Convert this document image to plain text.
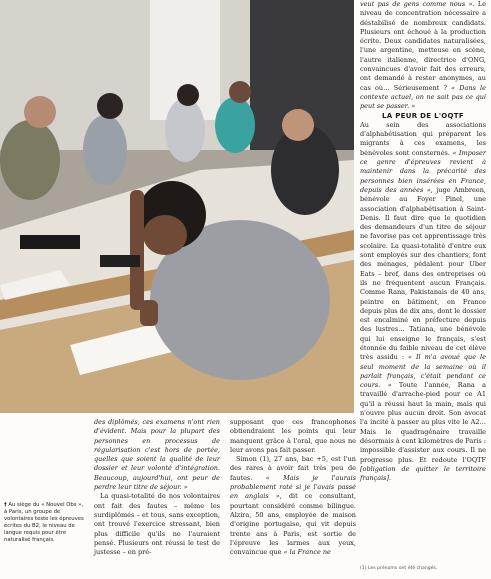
† Au siège du « Nouvel Obs », à Paris, un groupe de volontaires teste les épreuves écrites du B2, le niveau de langue requis pour être naturalisé français.

des diplômés, ces examens n'ont rien d'évident. Mais pour la plupart des personnes en processus de régularisation c'est hors de portée, quelles que soient la qualité de leur dossier et leur volonté d'intégration. Beaucoup, aujourd'hui, ont peur de perdre leur titre de séjour. »

La quasi-totalité de nos volontaires ont fait des fautes – même les surdiplômés – et tous, sans exception, ont trouvé l'exercice stressant, bien plus difficile qu'ils ne l'auraient pensé. Plusieurs ont réussi le test de justesse – en pré-

supposant que ces francophones obtiendraient les points qui leur manquent grâce à l'oral, que nous ne leur avons pas fait passer.

Simon (1), 27 ans, bac +5, est l'un des rares à avoir fait très peu de fautes. « Mais je l'aurais probablement raté si je l'avais passé en anglais », dit ce consultant, pourtant considéré comme bilingue. Alzira, 50 ans, employée de maison d'origine portugaise, qui vit depuis trente ans à Paris, est sortie de l'épreuve les larmes aux yeux, convaincue que « la France ne

veut pas de gens comme nous ». Le niveau de concentration nécessaire a déstabilisé de nombreux candidats. Plusieurs ont échoué à la production écrite. Deux candidates naturalisées, l'une argentine, metteuse en scène, l'autre italienne, directrice d'ONG, convaincues d'avoir fait des erreurs, ont demandé à rester anonymes, au cas où… Sérieusement ? « Dans le contexte actuel, on ne sait pas ce qui peut se passer. »

LA PEUR DE L'OQTF

Au sein des associations d'alphabétisation qui préparent les migrants à ces examens, les bénévoles sont consternés. « Imposer ce genre d'épreuves revient à maintenir dans la précarité des personnes bien insérées en France, depuis des années », juge Ambreen, bénévole au Foyer Pinel, une association d'alphabétisation à Saint-Denis. Il faut dire que le quotidien des demandeurs d'un titre de séjour ne favorise pas cet apprentissage très scolaire. La quasi-totalité d'entre eux sont employés sur des chantiers, font des ménages, pédalent pour Uber Eats – bref, dans des entreprises où ils ne fréquentent aucun Français. Comme Rana, Pakistanais de 40 ans, peintre en bâtiment, en France depuis plus de dix ans, dont le dossier est encalminé en préfecture depuis des lustres… Tatiana, une bénévole qui lui enseigne le français, s'est étonnée du faible niveau de cet élève très assidu : « Il m'a avoué que le seul moment de la semaine où il parlait français, c'était pendant ce cours. » Toute l'année, Rana a travaillé d'arrache-pied pour ce A1 qu'il a réussi haut la main, mais qui n'ouvre plus aucun droit. Son avocat l'a incité à passer au plus vite le A2… Mais le quadragénaire travaille désormais à cent kilomètres de Paris : impossible d'assister aux cours. Il ne progresse plus. Et redoute l'OQTF [obligation de quitter le territoire français].

(1) Les prénoms ont été changés.
